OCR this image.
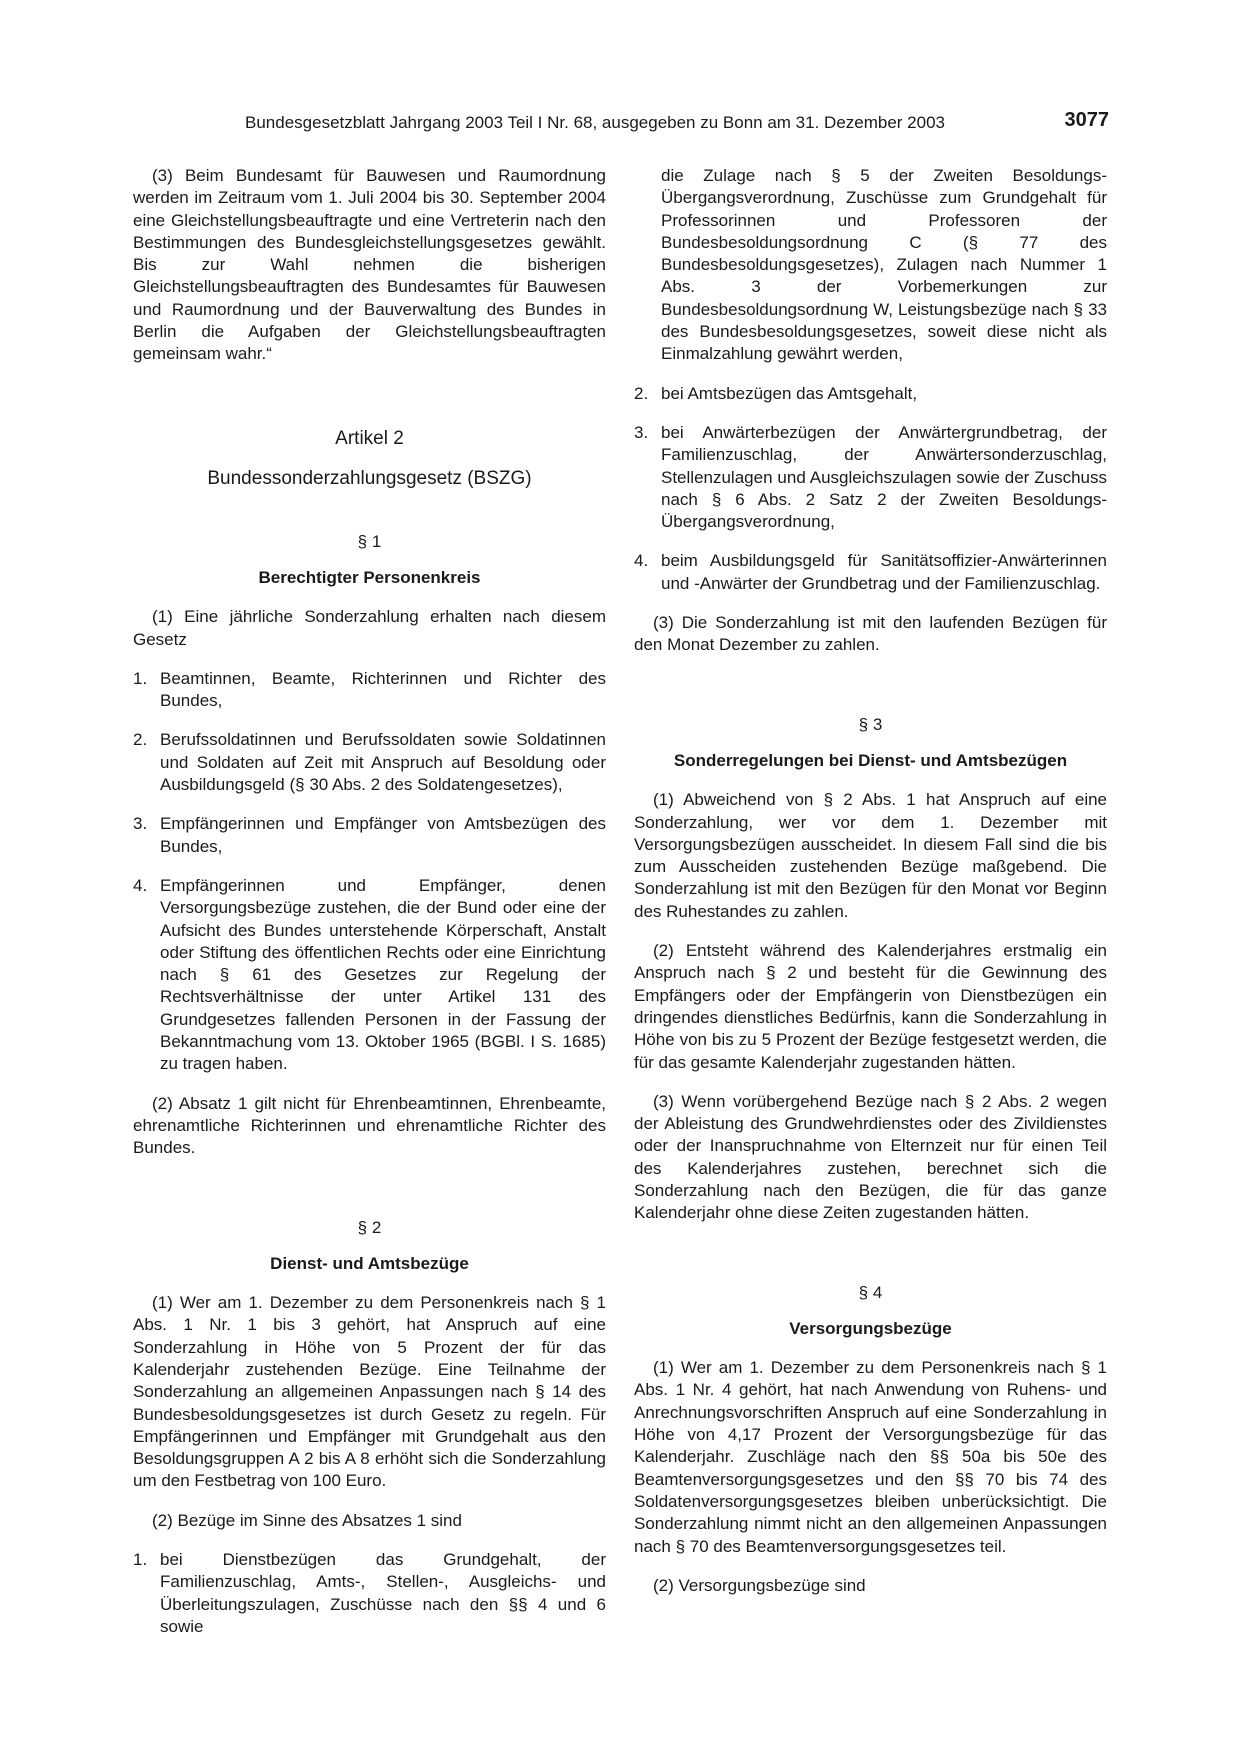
Bundesgesetzblatt Jahrgang 2003 Teil I Nr. 68, ausgegeben zu Bonn am 31. Dezember 2003	3077

(3) Beim Bundesamt für Bauwesen und Raumordnung werden im Zeitraum vom 1. Juli 2004 bis 30. September 2004 eine Gleichstellungsbeauftragte und eine Vertreterin nach den Bestimmungen des Bundesgleichstellungsgesetzes gewählt. Bis zur Wahl nehmen die bisherigen Gleichstellungsbeauftragten des Bundesamtes für Bauwesen und Raumordnung und der Bauverwaltung des Bundes in Berlin die Aufgaben der Gleichstellungsbeauftragten gemeinsam wahr.“

Artikel 2

Bundessonderzahlungsgesetz (BSZG)

§ 1

Berechtigter Personenkreis

(1) Eine jährliche Sonderzahlung erhalten nach diesem Gesetz

1. Beamtinnen, Beamte, Richterinnen und Richter des Bundes,
2. Berufssoldatinnen und Berufssoldaten sowie Soldatinnen und Soldaten auf Zeit mit Anspruch auf Besoldung oder Ausbildungsgeld (§ 30 Abs. 2 des Soldatengesetzes),
3. Empfängerinnen und Empfänger von Amtsbezügen des Bundes,
4. Empfängerinnen und Empfänger, denen Versorgungsbezüge zustehen, die der Bund oder eine der Aufsicht des Bundes unterstehende Körperschaft, Anstalt oder Stiftung des öffentlichen Rechts oder eine Einrichtung nach § 61 des Gesetzes zur Regelung der Rechtsverhältnisse der unter Artikel 131 des Grundgesetzes fallenden Personen in der Fassung der Bekanntmachung vom 13. Oktober 1965 (BGBl. I S. 1685) zu tragen haben.

(2) Absatz 1 gilt nicht für Ehrenbeamtinnen, Ehrenbeamte, ehrenamtliche Richterinnen und ehrenamtliche Richter des Bundes.

§ 2

Dienst- und Amtsbezüge

(1) Wer am 1. Dezember zu dem Personenkreis nach § 1 Abs. 1 Nr. 1 bis 3 gehört, hat Anspruch auf eine Sonderzahlung in Höhe von 5 Prozent der für das Kalenderjahr zustehenden Bezüge. Eine Teilnahme der Sonderzahlung an allgemeinen Anpassungen nach § 14 des Bundesbesoldungsgesetzes ist durch Gesetz zu regeln. Für Empfängerinnen und Empfänger mit Grundgehalt aus den Besoldungsgruppen A 2 bis A 8 erhöht sich die Sonderzahlung um den Festbetrag von 100 Euro.

(2) Bezüge im Sinne des Absatzes 1 sind

1. bei Dienstbezügen das Grundgehalt, der Familienzuschlag, Amts-, Stellen-, Ausgleichs- und Überleitungszulagen, Zuschüsse nach den §§ 4 und 6 sowie
die Zulage nach § 5 der Zweiten Besoldungs-Übergangsverordnung, Zuschüsse zum Grundgehalt für Professorinnen und Professoren der Bundesbesoldungsordnung C (§ 77 des Bundesbesoldungsgesetzes), Zulagen nach Nummer 1 Abs. 3 der Vorbemerkungen zur Bundesbesoldungsordnung W, Leistungsbezüge nach § 33 des Bundesbesoldungsgesetzes, soweit diese nicht als Einmalzahlung gewährt werden,
2. bei Amtsbezügen das Amtsgehalt,
3. bei Anwärterbezügen der Anwärtergrundbetrag, der Familienzuschlag, der Anwärtersonderzuschlag, Stellenzulagen und Ausgleichszulagen sowie der Zuschuss nach § 6 Abs. 2 Satz 2 der Zweiten Besoldungs-Übergangsverordnung,
4. beim Ausbildungsgeld für Sanitätsoffizier-Anwärterinnen und -Anwärter der Grundbetrag und der Familienzuschlag.

(3) Die Sonderzahlung ist mit den laufenden Bezügen für den Monat Dezember zu zahlen.

§ 3

Sonderregelungen bei Dienst- und Amtsbezügen

(1) Abweichend von § 2 Abs. 1 hat Anspruch auf eine Sonderzahlung, wer vor dem 1. Dezember mit Versorgungsbezügen ausscheidet. In diesem Fall sind die bis zum Ausscheiden zustehenden Bezüge maßgebend. Die Sonderzahlung ist mit den Bezügen für den Monat vor Beginn des Ruhestandes zu zahlen.

(2) Entsteht während des Kalenderjahres erstmalig ein Anspruch nach § 2 und besteht für die Gewinnung des Empfängers oder der Empfängerin von Dienstbezügen ein dringendes dienstliches Bedürfnis, kann die Sonderzahlung in Höhe von bis zu 5 Prozent der Bezüge festgesetzt werden, die für das gesamte Kalenderjahr zugestanden hätten.

(3) Wenn vorübergehend Bezüge nach § 2 Abs. 2 wegen der Ableistung des Grundwehrdienstes oder des Zivildienstes oder der Inanspruchnahme von Elternzeit nur für einen Teil des Kalenderjahres zustehen, berechnet sich die Sonderzahlung nach den Bezügen, die für das ganze Kalenderjahr ohne diese Zeiten zugestanden hätten.

§ 4

Versorgungsbezüge

(1) Wer am 1. Dezember zu dem Personenkreis nach § 1 Abs. 1 Nr. 4 gehört, hat nach Anwendung von Ruhens- und Anrechnungsvorschriften Anspruch auf eine Sonderzahlung in Höhe von 4,17 Prozent der Versorgungsbezüge für das Kalenderjahr. Zuschläge nach den §§ 50a bis 50e des Beamtenversorgungsgesetzes und den §§ 70 bis 74 des Soldatenversorgungsgesetzes bleiben unberücksichtigt. Die Sonderzahlung nimmt nicht an den allgemeinen Anpassungen nach § 70 des Beamtenversorgungsgesetzes teil.

(2) Versorgungsbezüge sind
